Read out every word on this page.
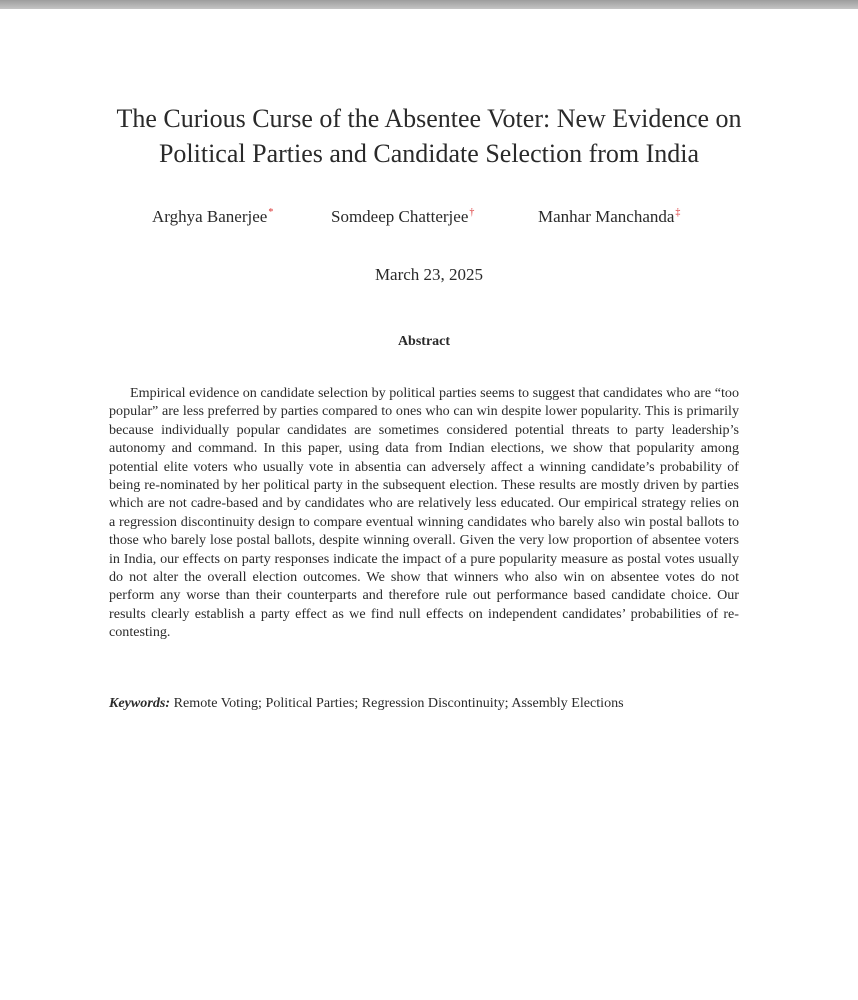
The Curious Curse of the Absentee Voter: New Evidence on
Political Parties and Candidate Selection from India
Arghya Banerjee*	Somdeep Chatterjee†	Manhar Manchanda‡
March 23, 2025
Abstract

Empirical evidence on candidate selection by political parties seems to suggest that candidates who are “too popular” are less preferred by parties compared to ones who can win despite lower popularity. This is primarily because individually popular candidates are sometimes considered potential threats to party leadership’s autonomy and command. In this paper, using data from Indian elections, we show that popularity among potential elite voters who usually vote in absentia can adversely affect a winning candidate’s probability of being re-nominated by her political party in the subsequent election. These results are mostly driven by parties which are not cadre-based and by candidates who are relatively less educated. Our empirical strategy relies on a regression discontinuity design to compare eventual winning candidates who barely also win postal ballots to those who barely lose postal ballots, despite winning overall. Given the very low proportion of absentee voters in India, our effects on party responses indicate the impact of a pure popularity measure as postal votes usually do not alter the overall election outcomes. We show that winners who also win on absentee votes do not perform any worse than their counterparts and therefore rule out performance based candidate choice. Our results clearly establish a party effect as we find null effects on independent candidates’ probabilities of re-contesting.

Keywords: Remote Voting; Political Parties; Regression Discontinuity; Assembly Elections
